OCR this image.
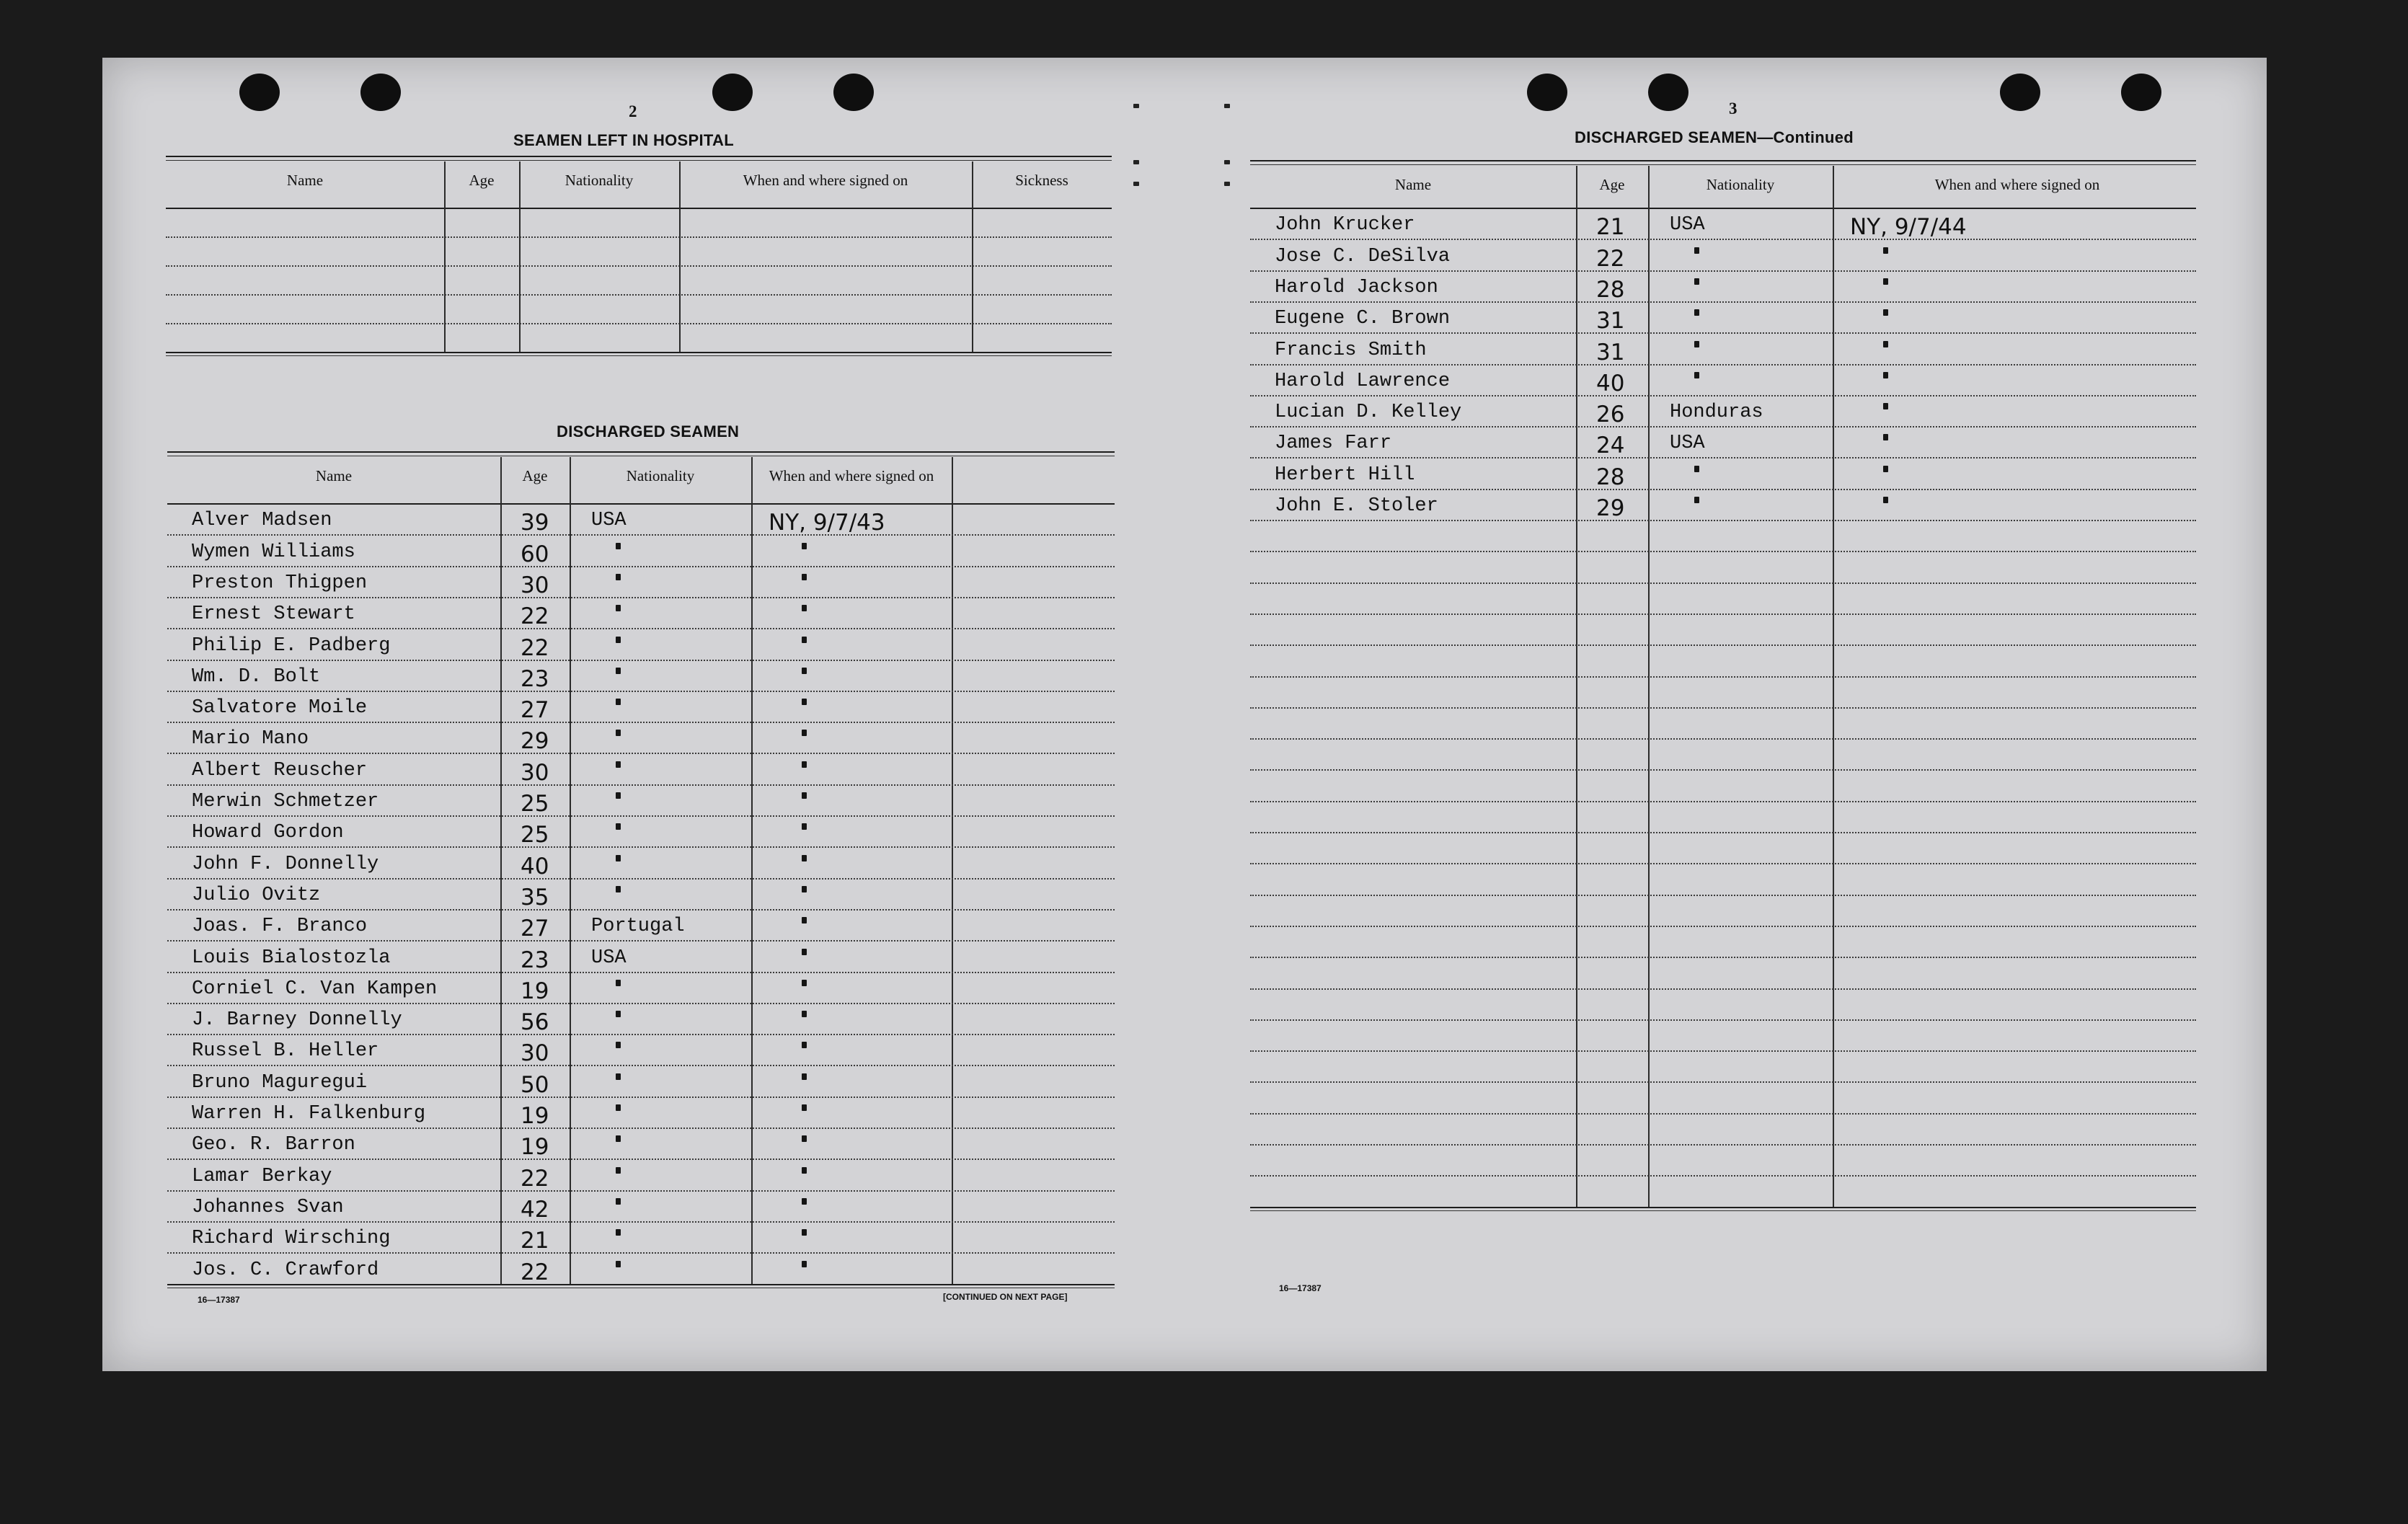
2
SEAMEN LEFT IN HOSPITAL
Name	Age	Nationality	When and where signed on	Sickness
DISCHARGED SEAMEN
Name	Age	Nationality	When and where signed on
Alver Madsen	39 USA	NY, 9/7/43
Wymen Williams	60
Preston Thigpen	30
Ernest Stewart	22
Philip E. Padberg	22
Wm. D. Bolt	23
Salvatore Moile	27
Mario Mano	29
Albert Reuscher	30
Merwin Schmetzer	25
Howard Gordon	25
John F. Donnelly	40
Julio Ovitz	35
Joas. F. Branco	27 Portugal
Louis Bialostozla	23 USA
Corniel C. Van Kampen	19
J. Barney Donnelly	56
Russel B. Heller	30
Bruno Maguregui	50
Warren H. Falkenburg	19
Geo. R. Barron	19
Lamar Berkay	22
Johannes Svan	42
Richard Wirsching	21
Jos. C. Crawford	22
16—17387	[CONTINUED ON NEXT PAGE]
3
DISCHARGED SEAMEN—Continued
Name	Age	Nationality	When and where signed on
John Krucker	21 USA	NY, 9/7/44
Jose C. DeSilva	22
Harold Jackson	28
Eugene C. Brown	31
Francis Smith	31
Harold Lawrence	40
Lucian D. Kelley	26 Honduras
James Farr	24 USA
Herbert Hill	28
John E. Stoler	29
16—17387
